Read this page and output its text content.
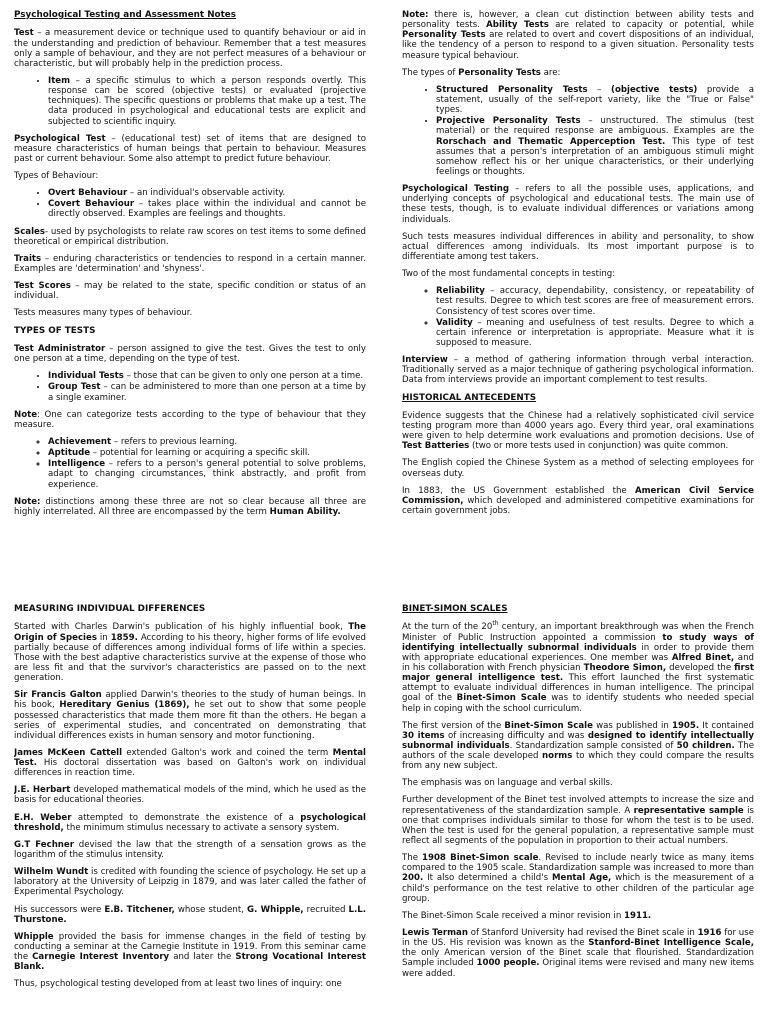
Psychological Testing and Assessment Notes

Test – a measurement device or technique used to quantify behaviour or aid in the understanding and prediction of behaviour. Remember that a test measures only a sample of behaviour, and they are not perfect measures of a behaviour or characteristic, but will probably help in the prediction process.

• Item – a specific stimulus to which a person responds overtly. This response can be scored (objective tests) or evaluated (projective techniques). The specific questions or problems that make up a test. The data produced in psychological and educational tests are explicit and subjected to scientific inquiry.

Psychological Test – (educational test) set of items that are designed to measure characteristics of human beings that pertain to behaviour. Measures past or current behaviour. Some also attempt to predict future behaviour.

Types of Behaviour:

• Overt Behaviour – an individual's observable activity.
• Covert Behaviour – takes place within the individual and cannot be directly observed. Examples are feelings and thoughts.

Scales- used by psychologists to relate raw scores on test items to some defined theoretical or empirical distribution.

Traits – enduring characteristics or tendencies to respond in a certain manner. Examples are 'determination' and 'shyness'.

Test Scores – may be related to the state, specific condition or status of an individual.

Tests measures many types of behaviour.

TYPES OF TESTS

Test Administrator – person assigned to give the test. Gives the test to only one person at a time, depending on the type of test.

• Individual Tests – those that can be given to only one person at a time.
• Group Test – can be administered to more than one person at a time by a single examiner.

Note: One can categorize tests according to the type of behaviour that they measure.

◦ Achievement – refers to previous learning.
◦ Aptitude – potential for learning or acquiring a specific skill.
◦ Intelligence – refers to a person's general potential to solve problems, adapt to changing circumstances, think abstractly, and profit from experience.

Note: distinctions among these three are not so clear because all three are highly interrelated. All three are encompassed by the term Human Ability.

Note: there is, however, a clean cut distinction between ability tests and personality tests. Ability Tests are related to capacity or potential, while Personality Tests are related to overt and covert dispositions of an individual, like the tendency of a person to respond to a given situation. Personality tests measure typical behaviour.

The types of Personality Tests are:

• Structured Personality Tests – (objective tests) provide a statement, usually of the self-report variety, like the "True or False" types.
• Projective Personality Tests – unstructured. The stimulus (test material) or the required response are ambiguous. Examples are the Rorschach and Thematic Apperception Test. This type of test assumes that a person's interpretation of an ambiguous stimuli might somehow reflect his or her unique characteristics, or their underlying feelings or thoughts.

Psychological Testing – refers to all the possible uses, applications, and underlying concepts of psychological and educational tests. The main use of these tests, though, is to evaluate individual differences or variations among individuals.

Such tests measures individual differences in ability and personality, to show actual differences among individuals. Its most important purpose is to differentiate among test takers.

Two of the most fundamental concepts in testing:

◦ Reliability – accuracy, dependability, consistency, or repeatability of test results. Degree to which test scores are free of measurement errors. Consistency of test scores over time.
◦ Validity – meaning and usefulness of test results. Degree to which a certain inference or interpretation is appropriate. Measure what it is supposed to measure.

Interview – a method of gathering information through verbal interaction. Traditionally served as a major technique of gathering psychological information. Data from interviews provide an important complement to test results.

HISTORICAL ANTECEDENTS

Evidence suggests that the Chinese had a relatively sophisticated civil service testing program more than 4000 years ago. Every third year, oral examinations were given to help determine work evaluations and promotion decisions. Use of Test Batteries (two or more tests used in conjunction) was quite common.

The English copied the Chinese System as a method of selecting employees for overseas duty.

In 1883, the US Government established the American Civil Service Commission, which developed and administered competitive examinations for certain government jobs.

MEASURING INDIVIDUAL DIFFERENCES

Started with Charles Darwin's publication of his highly influential book, The Origin of Species in 1859. According to his theory, higher forms of life evolved partially because of differences among individual forms of life within a species. Those with the best adaptive characteristics survive at the expense of those who are less fit and that the survivor's characteristics are passed on to the next generation.

Sir Francis Galton applied Darwin's theories to the study of human beings. In his book, Hereditary Genius (1869), he set out to show that some people possessed characteristics that made them more fit than the others. He began a series of experimental studies, and concentrated on demonstrating that individual differences exists in human sensory and motor functioning.

James McKeen Cattell extended Galton's work and coined the term Mental Test. His doctoral dissertation was based on Galton's work on individual differences in reaction time.

J.E. Herbart developed mathematical models of the mind, which he used as the basis for educational theories.

E.H. Weber attempted to demonstrate the existence of a psychological threshold, the minimum stimulus necessary to activate a sensory system.

G.T Fechner devised the law that the strength of a sensation grows as the logarithm of the stimulus intensity.

Wilhelm Wundt is credited with founding the science of psychology. He set up a laboratory at the University of Leipzig in 1879, and was later called the father of Experimental Psychology.

His successors were E.B. Titchener, whose student, G. Whipple, recruited L.L. Thurstone.

Whipple provided the basis for immense changes in the field of testing by conducting a seminar at the Carnegie Institute in 1919. From this seminar came the Carnegie Interest Inventory and later the Strong Vocational Interest Blank.

Thus, psychological testing developed from at least two lines of inquiry: one

BINET-SIMON SCALES

At the turn of the 20th century, an important breakthrough was when the French Minister of Public Instruction appointed a commission to study ways of identifying intellectually subnormal individuals in order to provide them with appropriate educational experiences. One member was Alfred Binet, and in his collaboration with French physician Theodore Simon, developed the first major general intelligence test. This effort launched the first systematic attempt to evaluate individual differences in human intelligence. The principal goal of the Binet-Simon Scale was to identify students who needed special help in coping with the school curriculum.

The first version of the Binet-Simon Scale was published in 1905. It contained 30 items of increasing difficulty and was designed to identify intellectually subnormal individuals. Standardization sample consisted of 50 children. The authors of the scale developed norms to which they could compare the results from any new subject.

The emphasis was on language and verbal skills.

Further development of the Binet test involved attempts to increase the size and representativeness of the standardization sample. A representative sample is one that comprises individuals similar to those for whom the test is to be used. When the test is used for the general population, a representative sample must reflect all segments of the population in proportion to their actual numbers.

The 1908 Binet-Simon scale. Revised to include nearly twice as many items compared to the 1905 scale. Standardization sample was increased to more than 200. It also determined a child's Mental Age, which is the measurement of a child's performance on the test relative to other children of the particular age group.

The Binet-Simon Scale received a minor revision in 1911.

Lewis Terman of Stanford University had revised the Binet scale in 1916 for use in the US. His revision was known as the Stanford-Binet Intelligence Scale, the only American version of the Binet scale that flourished. Standardization Sample included 1000 people. Original items were revised and many new items were added.
